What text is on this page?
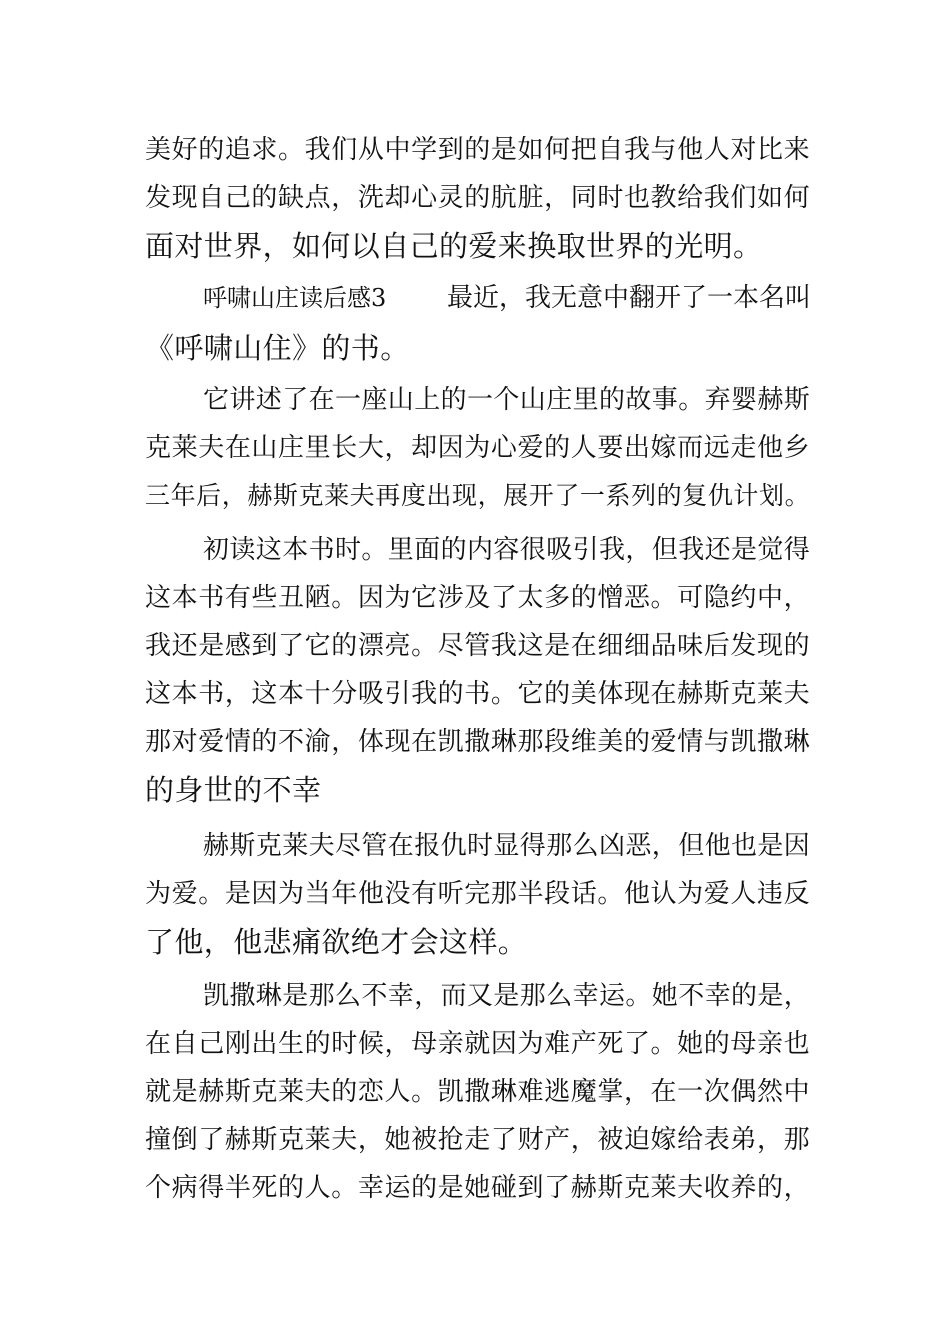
美好的追求。我们从中学到的是如何把自我与他人对比来
发现自己的缺点，洗却心灵的肮脏，同时也教给我们如何
面对世界，如何以自己的爱来换取世界的光明。
呼啸山庄读后感3	最近，我无意中翻开了一本名叫
《呼啸山住》的书。
它讲述了在一座山上的一个山庄里的故事。弃婴赫斯
克莱夫在山庄里长大，却因为心爱的人要出嫁而远走他乡
三年后，赫斯克莱夫再度出现，展开了一系列的复仇计划。
初读这本书时。里面的内容很吸引我，但我还是觉得
这本书有些丑陋。因为它涉及了太多的憎恶。可隐约中，
我还是感到了它的漂亮。尽管我这是在细细品味后发现的
这本书，这本十分吸引我的书。它的美体现在赫斯克莱夫
那对爱情的不渝，体现在凯撒琳那段维美的爱情与凯撒琳
的身世的不幸
赫斯克莱夫尽管在报仇时显得那么凶恶，但他也是因
为爱。是因为当年他没有听完那半段话。他认为爱人违反
了他，他悲痛欲绝才会这样。
凯撒琳是那么不幸，而又是那么幸运。她不幸的是，
在自己刚出生的时候，母亲就因为难产死了。她的母亲也
就是赫斯克莱夫的恋人。凯撒琳难逃魔掌，在一次偶然中
撞倒了赫斯克莱夫，她被抢走了财产，被迫嫁给表弟，那
个病得半死的人。幸运的是她碰到了赫斯克莱夫收养的，
